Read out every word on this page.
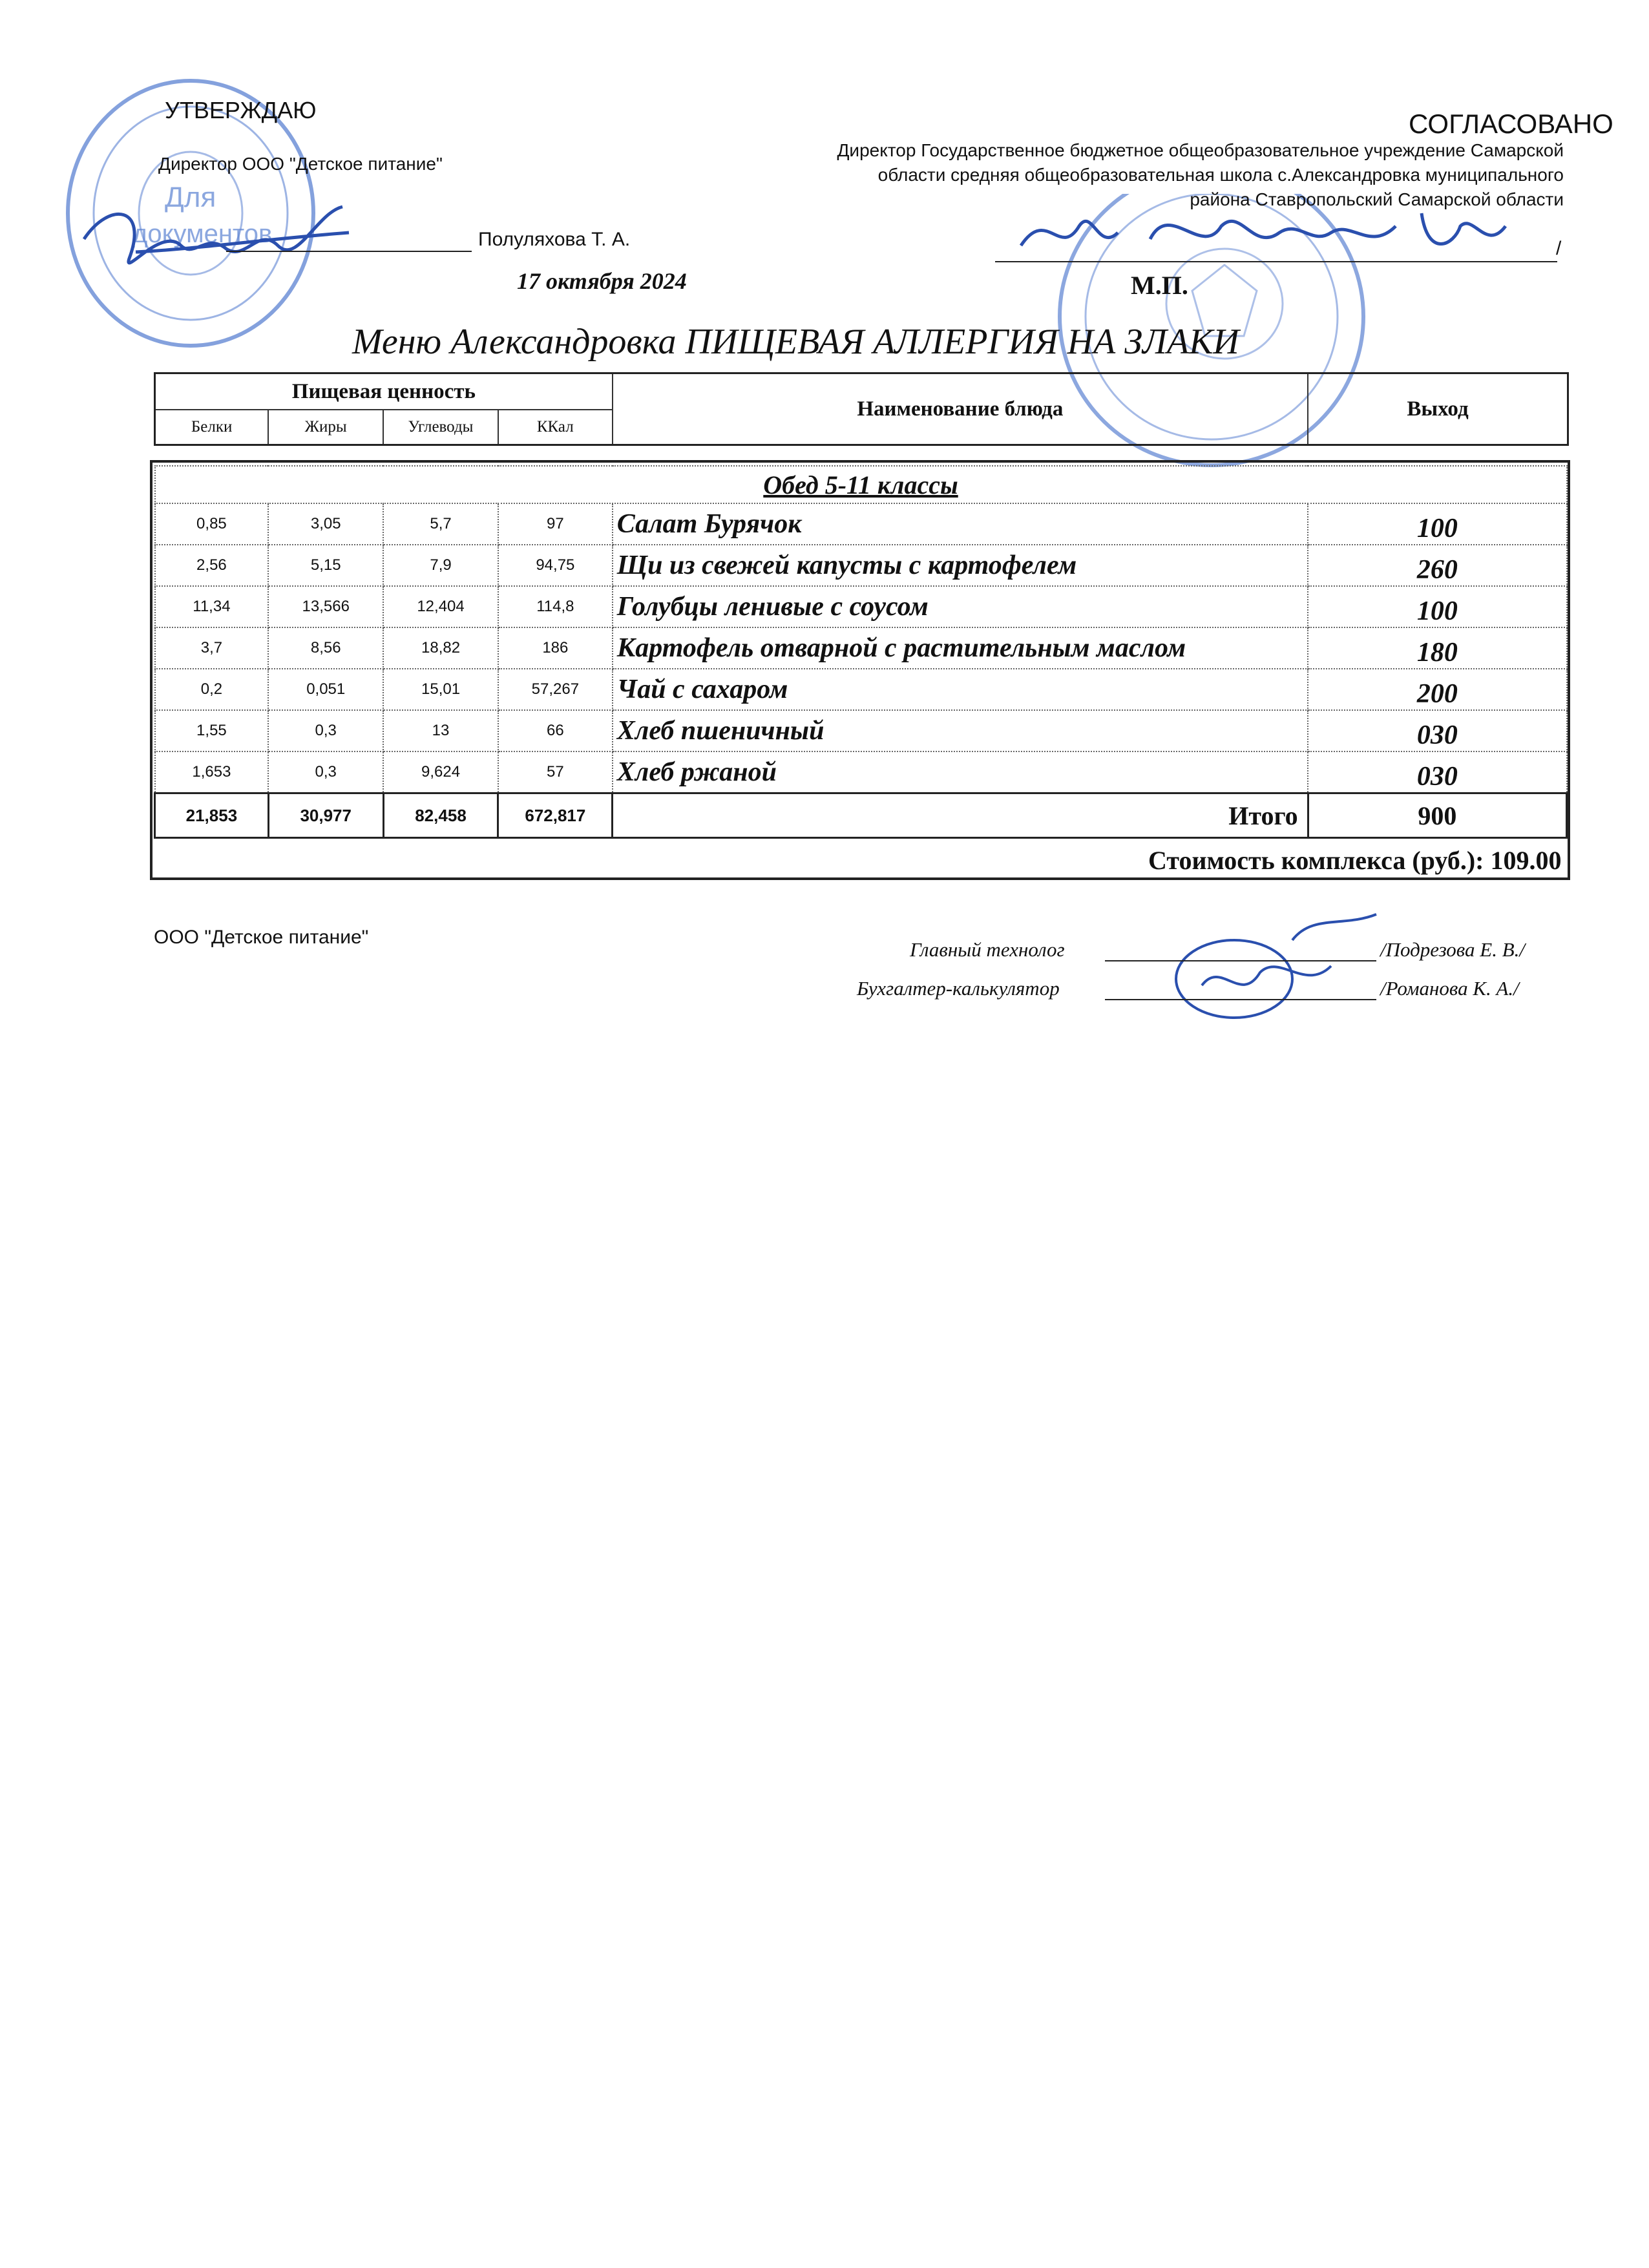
Для
документов
УТВЕРЖДАЮ
Директор ООО "Детское питание"
Полуляхова Т. А.
17 октября 2024
СОГЛАСОВАНО
Директор Государственное бюджетное общеобразовательное учреждение Самарской
области средняя общеобразовательная школа с.Александровка муниципального
района Ставропольский Самарской области
/
М.П.
Меню Александровка ПИЩЕВАЯ АЛЛЕРГИЯ НА ЗЛАКИ
Пищевая ценность				Наименование блюда	Выход
Белки	Жиры	Углеводы	ККал		
Обед 5-11 классы					
0,85	3,05	5,7	97	Салат Бурячок	100
2,56	5,15	7,9	94,75	Щи из свежей капусты с картофелем	260
11,34	13,566	12,404	114,8	Голубцы ленивые с соусом	100
3,7	8,56	18,82	186	Картофель отварной с растительным маслом	180
0,2	0,051	15,01	57,267	Чай с сахаром	200
1,55	0,3	13	66	Хлеб пшеничный	030
1,653	0,3	9,624	57	Хлеб ржаной	030
21,853	30,977	82,458	672,817	Итого	900
Стоимость комплекса (руб.): 109.00					
ООО "Детское питание"
Главный технолог	/Подрезова Е. В./
Бухгалтер-калькулятор	/Романова К. А./
